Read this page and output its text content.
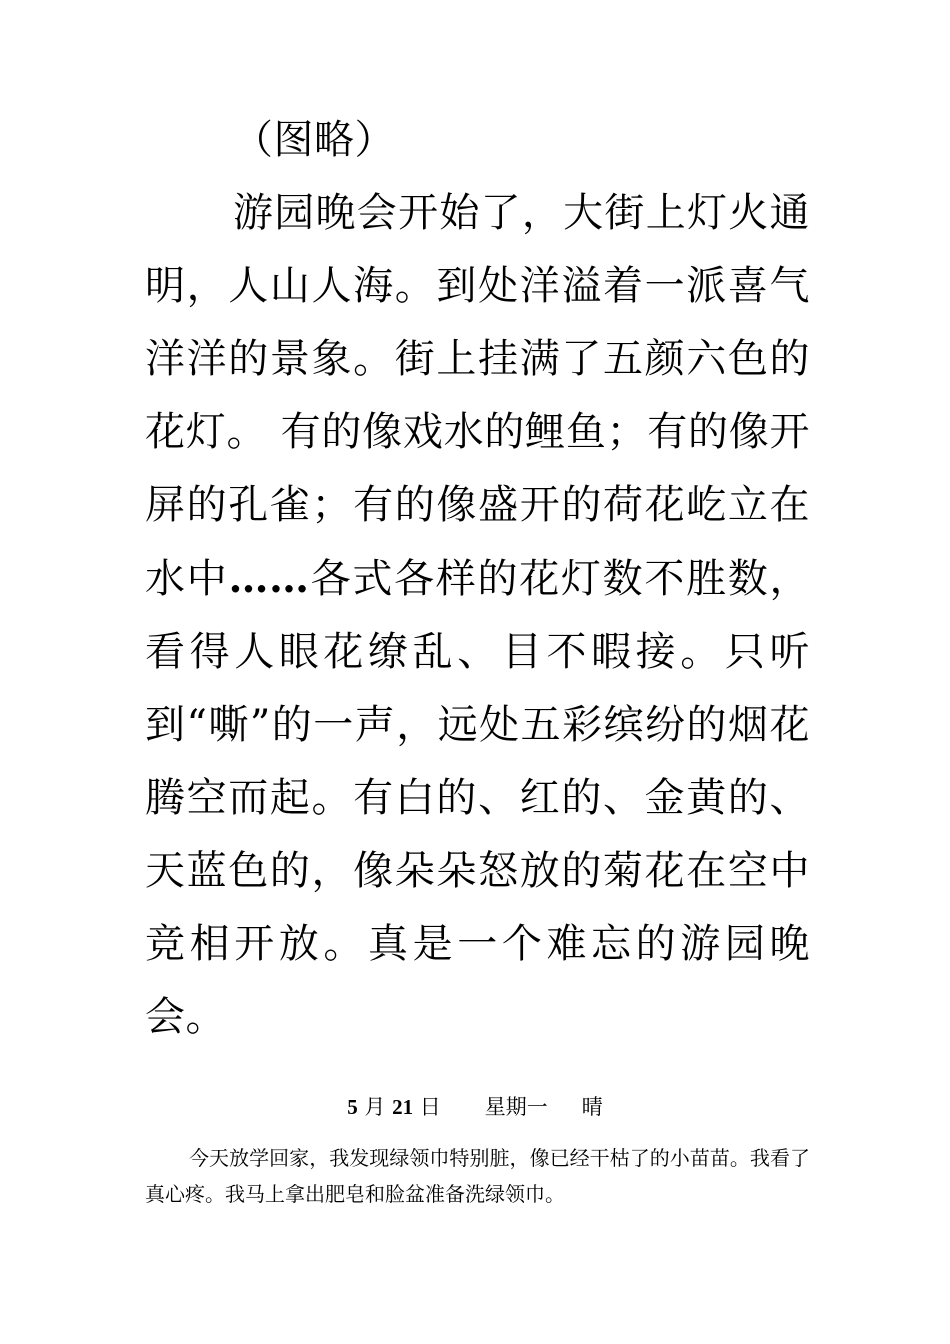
（图略）

游园晚会开始了，大街上灯火通明，人山人海。到处洋溢着一派喜气洋洋的景象。街上挂满了五颜六色的花灯。 有的像戏水的鲤鱼；有的像开屏的孔雀；有的像盛开的荷花屹立在水中……各式各样的花灯数不胜数，看得人眼花缭乱、目不暇接。只听到“嘶”的一声，远处五彩缤纷的烟花腾空而起。有白的、红的、金黄的、天蓝色的，像朵朵怒放的菊花在空中竞相开放。真是一个难忘的游园晚会。

5 月 21 日 星期一 晴

今天放学回家，我发现绿领巾特别脏，像已经干枯了的小苗苗。我看了真心疼。我马上拿出肥皂和脸盆准备洗绿领巾。
